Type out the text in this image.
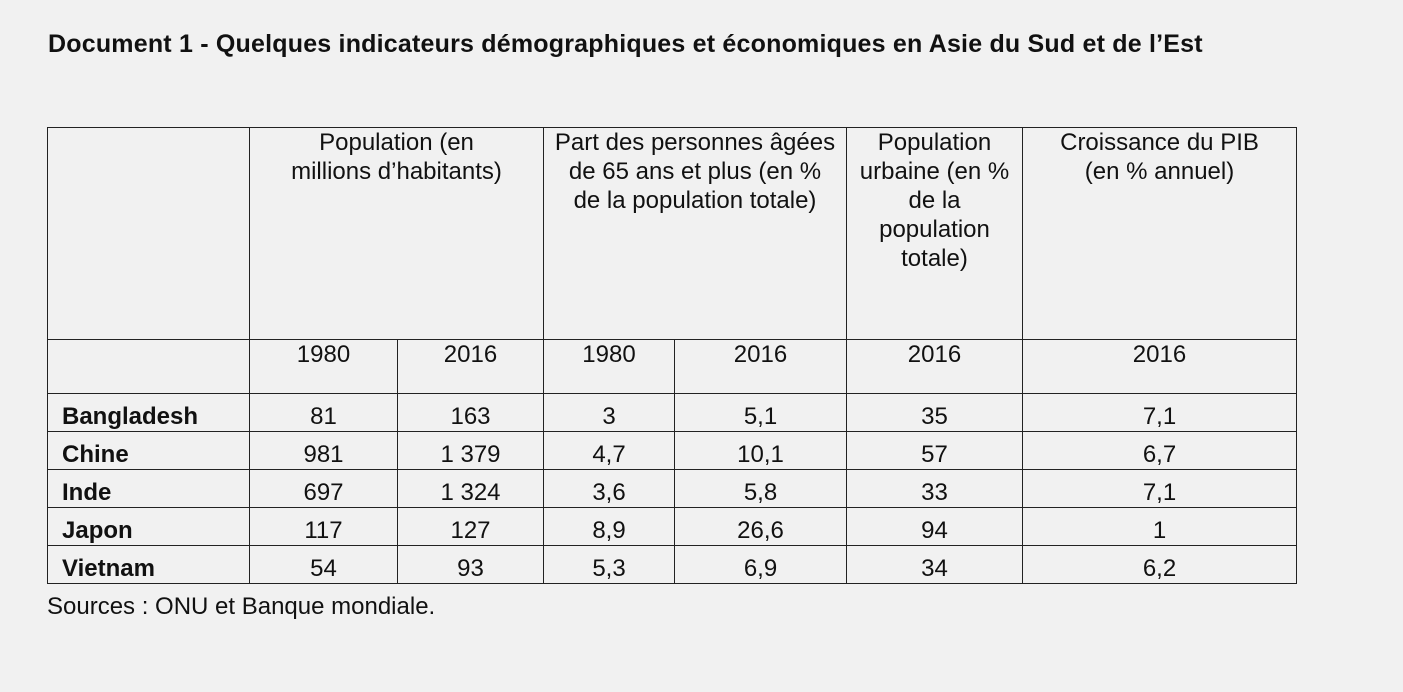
Document 1 - Quelques indicateurs démographiques et économiques en Asie du Sud et de l’Est
	Population (en millions d’habitants)		Part des personnes âgées de 65 ans et plus (en % de la population totale)		Population urbaine (en % de la population totale)	Croissance du PIB (en % annuel)
	1980	2016	1980	2016	2016	2016
Bangladesh	81	163	3	5,1	35	7,1
Chine	981	1 379	4,7	10,1	57	6,7
Inde	697	1 324	3,6	5,8	33	7,1
Japon	117	127	8,9	26,6	94	1
Vietnam	54	93	5,3	6,9	34	6,2

Sources : ONU et Banque mondiale.
